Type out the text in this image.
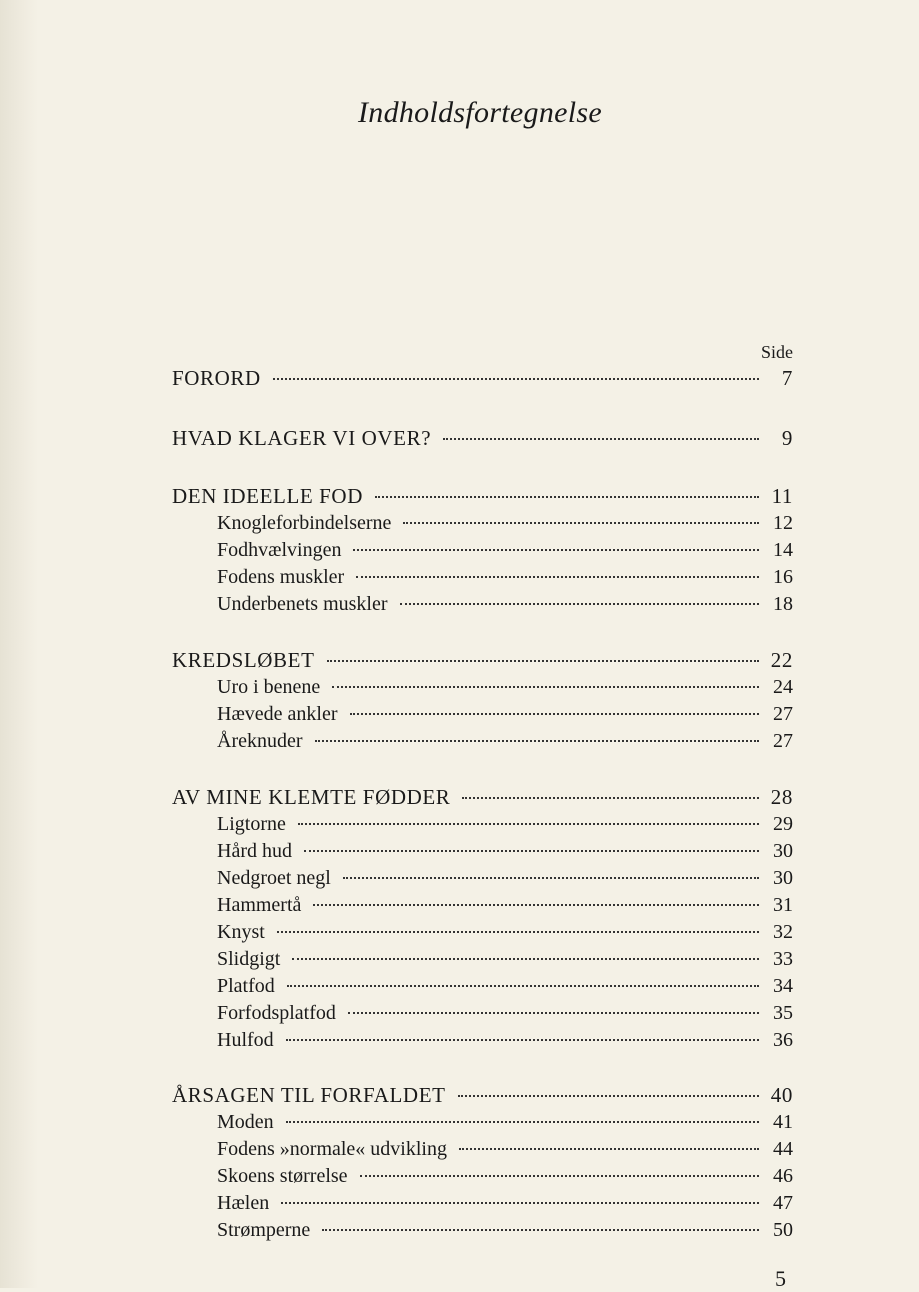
Indholdsfortegnelse
Side
FORORD	7
HVAD KLAGER VI OVER?	9
DEN IDEELLE FOD	11
Knogleforbindelserne	12
Fodhvælvingen	14
Fodens muskler	16
Underbenets muskler	18
KREDSLØBET	22
Uro i benene	24
Hævede ankler	27
Åreknuder	27
AV MINE KLEMTE FØDDER	28
Ligtorne	29
Hård hud	30
Nedgroet negl	30
Hammertå	31
Knyst	32
Slidgigt	33
Platfod	34
Forfodsplatfod	35
Hulfod	36
ÅRSAGEN TIL FORFALDET	40
Moden	41
Fodens »normale« udvikling	44
Skoens størrelse	46
Hælen	47
Strømperne	50
5
